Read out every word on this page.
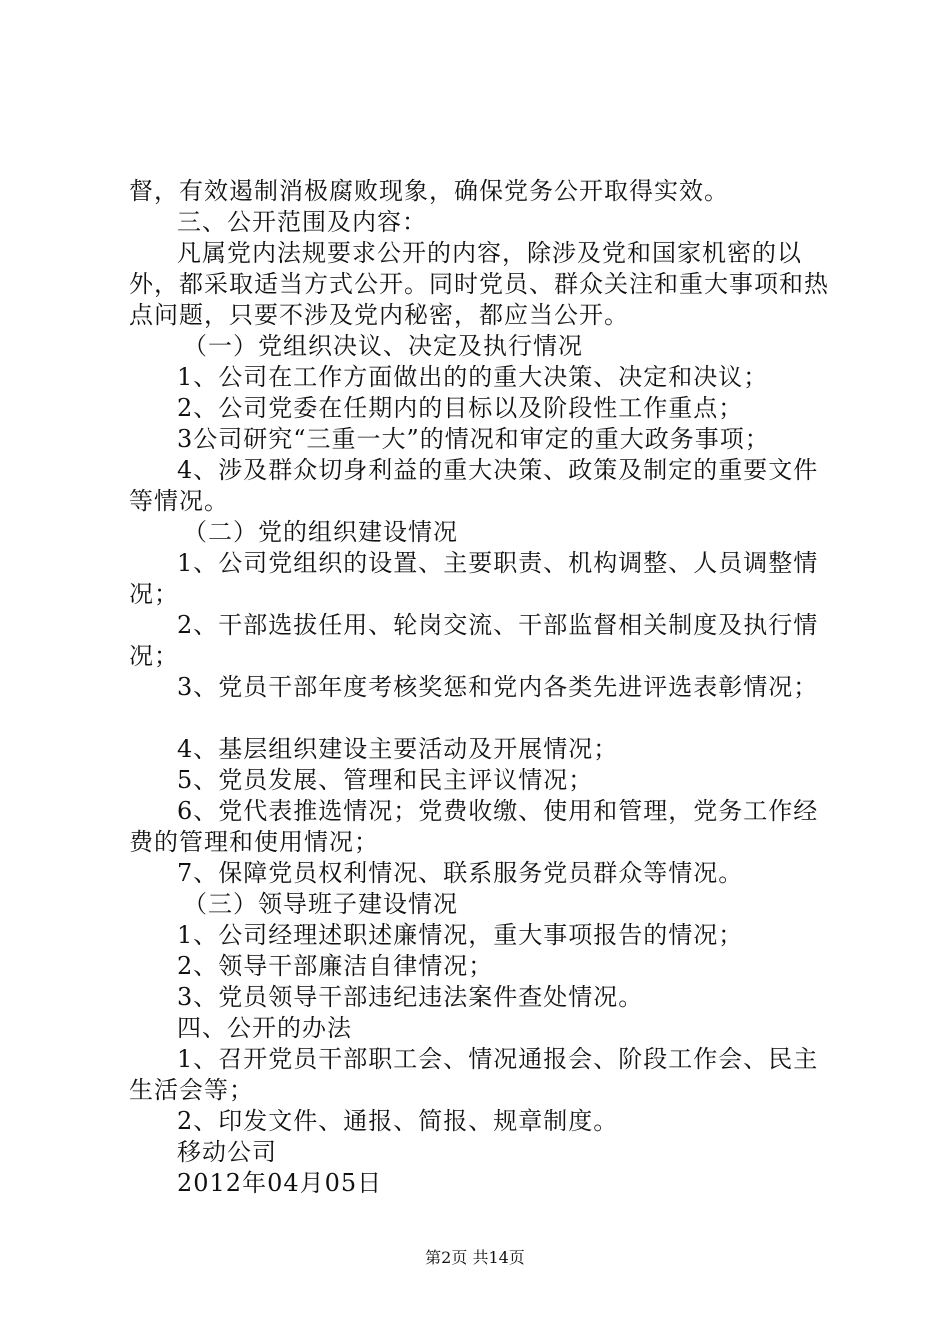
督，有效遏制消极腐败现象，确保党务公开取得实效。

三、公开范围及内容：

凡属党内法规要求公开的内容，除涉及党和国家机密的以外，都采取适当方式公开。同时党员、群众关注和重大事项和热点问题，只要不涉及党内秘密，都应当公开。

（一）党组织决议、决定及执行情况

1、公司在工作方面做出的的重大决策、决定和决议；

2、公司党委在任期内的目标以及阶段性工作重点；

3公司研究“三重一大”的情况和审定的重大政务事项；

4、涉及群众切身利益的重大决策、政策及制定的重要文件等情况。

（二）党的组织建设情况

1、公司党组织的设置、主要职责、机构调整、人员调整情况；

2、干部选拔任用、轮岗交流、干部监督相关制度及执行情况；

3、党员干部年度考核奖惩和党内各类先进评选表彰情况；

4、基层组织建设主要活动及开展情况；

5、党员发展、管理和民主评议情况；

6、党代表推选情况；党费收缴、使用和管理，党务工作经费的管理和使用情况；

7、保障党员权利情况、联系服务党员群众等情况。

（三）领导班子建设情况

1、公司经理述职述廉情况，重大事项报告的情况；

2、领导干部廉洁自律情况；

3、党员领导干部违纪违法案件查处情况。

四、公开的办法

1、召开党员干部职工会、情况通报会、阶段工作会、民主生活会等；

2、印发文件、通报、简报、规章制度。

移动公司

2012年04月05日

第2页 共14页
